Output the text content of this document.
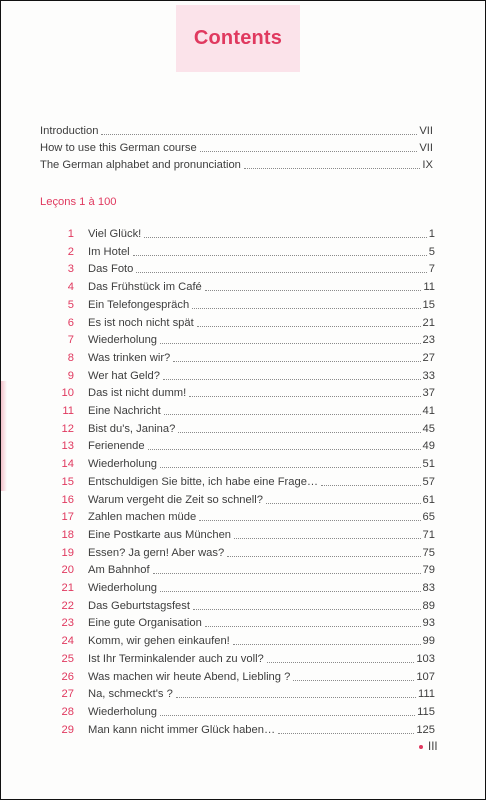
Contents
Introduction	VII
How to use this German course	VII
The German alphabet and pronunciation	IX
Leçons 1 à 100
1 Viel Glück!	1
2 Im Hotel	5
3 Das Foto	7
4 Das Frühstück im Café	11
5 Ein Telefongespräch	15
6 Es ist noch nicht spät	21
7 Wiederholung	23
8 Was trinken wir?	27
9 Wer hat Geld?	33
10 Das ist nicht dumm!	37
11 Eine Nachricht	41
12 Bist du's, Janina?	45
13 Ferienende	49
14 Wiederholung	51
15 Entschuldigen Sie bitte, ich habe eine Frage…	57
16 Warum vergeht die Zeit so schnell?	61
17 Zahlen machen müde	65
18 Eine Postkarte aus München	71
19 Essen? Ja gern! Aber was?	75
20 Am Bahnhof	79
21 Wiederholung	83
22 Das Geburtstagsfest	89
23 Eine gute Organisation	93
24 Komm, wir gehen einkaufen!	99
25 Ist Ihr Terminkalender auch zu voll?	103
26 Was machen wir heute Abend, Liebling ?	107
27 Na, schmeckt's ?	111
28 Wiederholung	115
29 Man kann nicht immer Glück haben…	125
III
